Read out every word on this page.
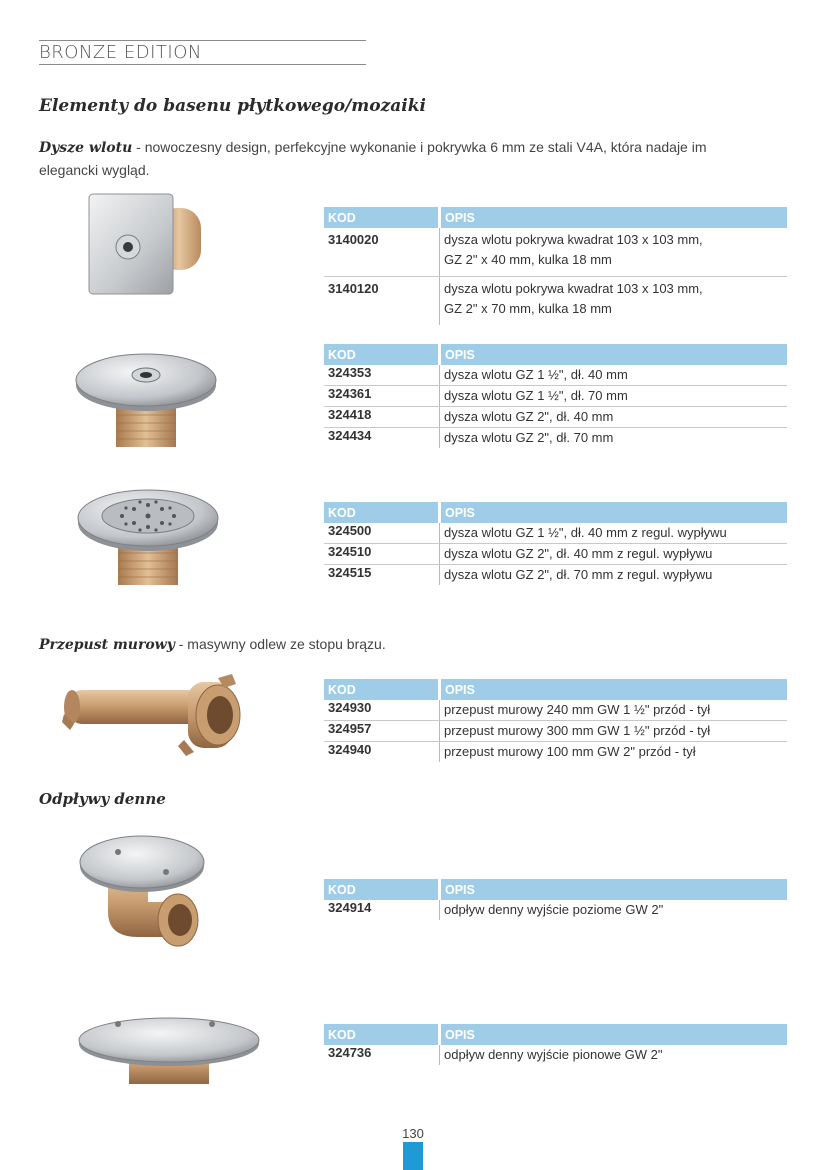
BRONZE EDITION
Elementy do basenu płytkowego/mozaiki
Dysze wlotu - nowoczesny design, perfekcyjne wykonanie i pokrywka 6 mm ze stali V4A, która nadaje im
elegancki wygląd.
KOD	OPIS
3140020	dysza wlotu pokrywa kwadrat 103 x 103 mm,
GZ 2" x 40 mm, kulka 18 mm
3140120	dysza wlotu pokrywa kwadrat 103 x 103 mm,
GZ 2" x 70 mm, kulka 18 mm
KOD	OPIS
324353	dysza wlotu GZ 1 ½", dł. 40 mm
324361	dysza wlotu GZ 1 ½", dł. 70 mm
324418	dysza wlotu GZ 2", dł. 40 mm
324434	dysza wlotu GZ 2", dł. 70 mm
KOD	OPIS
324500	dysza wlotu GZ 1 ½", dł. 40 mm z regul. wypływu
324510	dysza wlotu GZ 2", dł. 40 mm z regul. wypływu
324515	dysza wlotu GZ 2", dł. 70 mm z regul. wypływu
Przepust murowy - masywny odlew ze stopu brązu.
KOD	OPIS
324930	przepust murowy 240 mm GW 1 ½" przód - tył
324957	przepust murowy 300 mm GW 1 ½" przód - tył
324940	przepust murowy 100 mm GW 2" przód - tył
Odpływy denne
KOD	OPIS
324914	odpływ denny wyjście poziome GW 2"
KOD	OPIS
324736	odpływ denny wyjście pionowe GW 2"
130
